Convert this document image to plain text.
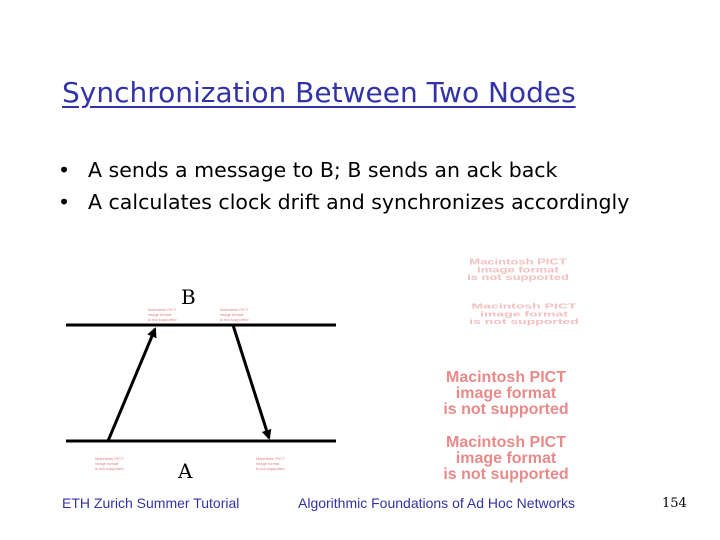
Synchronization Between Two Nodes
• A sends a message to B; B sends an ack back
• A calculates clock drift and synchronizes accordingly
B
A
Macintosh PICT
image format
is not supported
Macintosh PICT
image format
is not supported
Macintosh PICT
image format
is not supported
Macintosh PICT
image format
is not supported
Macintosh PICT
image format
is not supported
Macintosh PICT
image format
is not supported
Macintosh PICT
image format
is not supported
Macintosh PICT
image format
is not supported
ETH Zurich Summer Tutorial	Algorithmic Foundations of Ad Hoc Networks	154
